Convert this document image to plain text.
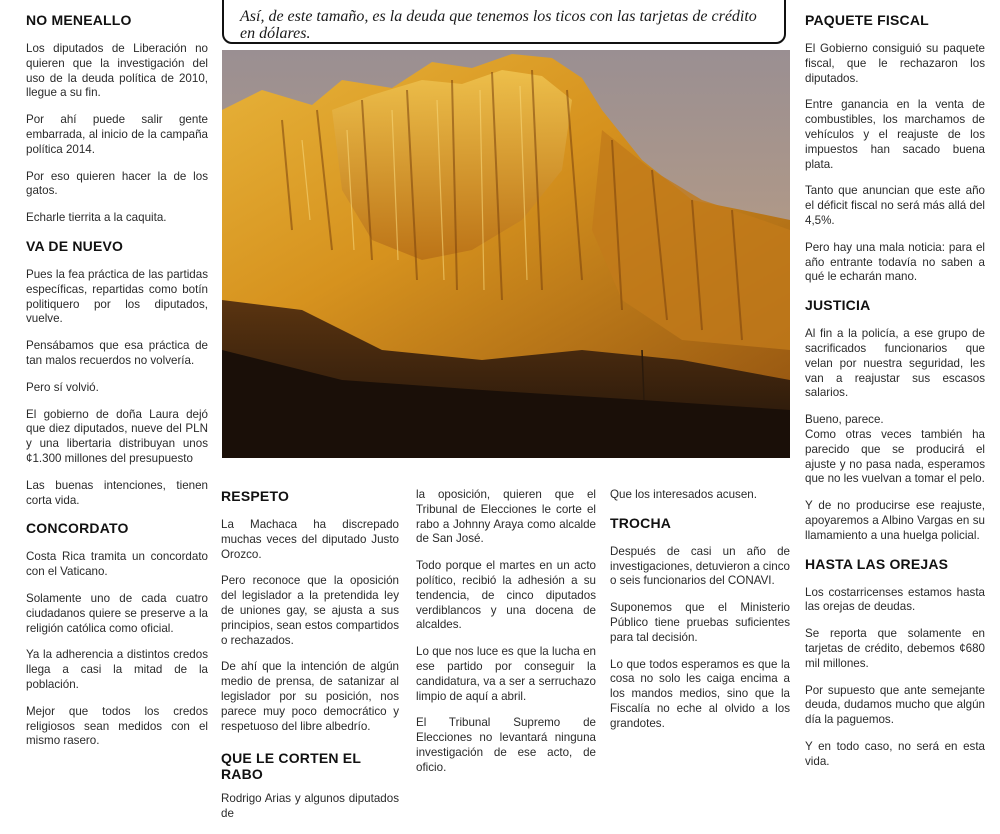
Así, de este tamaño, es la deuda que tenemos los ticos con las tarjetas de crédito en dólares.

NO MENEALLO

Los diputados de Liberación no quieren que la investigación del uso de la deuda política de 2010, llegue a su fin.

Por ahí puede salir gente embarrada, al inicio de la campaña política 2014.

Por eso quieren hacer la de los gatos.

Echarle tierrita a la caquita.

VA DE NUEVO

Pues la fea práctica de las partidas específicas, repartidas como botín politiquero por los diputados, vuelve.

Pensábamos que esa práctica de tan malos recuerdos no volvería.

Pero sí volvió.

El gobierno de doña Laura dejó que diez diputados, nueve del PLN y una libertaria distribuyan unos ¢1.300 millones del presupuesto

Las buenas intenciones, tienen corta vida.

CONCORDATO

Costa Rica tramita un concordato con el Vaticano.

Solamente uno de cada cuatro ciudadanos quiere se preserve a la religión católica como oficial.

Ya la adherencia a distintos credos llega a casi la mitad de la población.

Mejor que todos los credos religiosos sean medidos con el mismo rasero.

RESPETO

La Machaca ha discrepado muchas veces del diputado Justo Orozco.

Pero reconoce que la oposición del legislador a la pretendida ley de uniones gay, se ajusta a sus principios, sean estos compartidos o rechazados.

De ahí que la intención de algún medio de prensa, de satanizar al legislador por su posición, nos parece muy poco democrático y respetuoso del libre albedrío.

QUE LE CORTEN EL RABO

Rodrigo Arias y algunos diputados de

la oposición, quieren que el Tribunal de Elecciones le corte el rabo a Johnny Araya como alcalde de San José.

Todo porque el martes en un acto político, recibió la adhesión a su tendencia, de cinco diputados verdiblancos y una docena de alcaldes.

Lo que nos luce es que la lucha en ese partido por conseguir la candidatura, va a ser a serruchazo limpio de aquí a abril.

El Tribunal Supremo de Elecciones no levantará ninguna investigación de ese acto, de oficio.

Que los interesados acusen.

TROCHA

Después de casi un año de investigaciones, detuvieron a cinco o seis funcionarios del CONAVI.

Suponemos que el Ministerio Público tiene pruebas suficientes para tal decisión.

Lo que todos esperamos es que la cosa no solo les caiga encima a los mandos medios, sino que la Fiscalía no eche al olvido a los grandotes.

PAQUETE FISCAL

El Gobierno consiguió su paquete fiscal, que le rechazaron los diputados.

Entre ganancia en la venta de combustibles, los marchamos de vehículos y el reajuste de los impuestos han sacado buena plata.

Tanto que anuncian que este año el déficit fiscal no será más allá del 4,5%.

Pero hay una mala noticia: para el año entrante todavía no saben a qué le echarán mano.

JUSTICIA

Al fin a la policía, a ese grupo de sacrificados funcionarios que velan por nuestra seguridad, les van a reajustar sus escasos salarios.

Bueno, parece.

Como otras veces también ha parecido que se producirá el ajuste y no pasa nada, esperamos que no les vuelvan a tomar el pelo.

Y de no producirse ese reajuste, apoyaremos a Albino Vargas en su llamamiento a una huelga policial.

HASTA LAS OREJAS

Los costarricenses estamos hasta las orejas de deudas.

Se reporta que solamente en tarjetas de crédito, debemos ¢680 mil millones.

Por supuesto que ante semejante deuda, dudamos mucho que algún día la paguemos.

Y en todo caso, no será en esta vida.
